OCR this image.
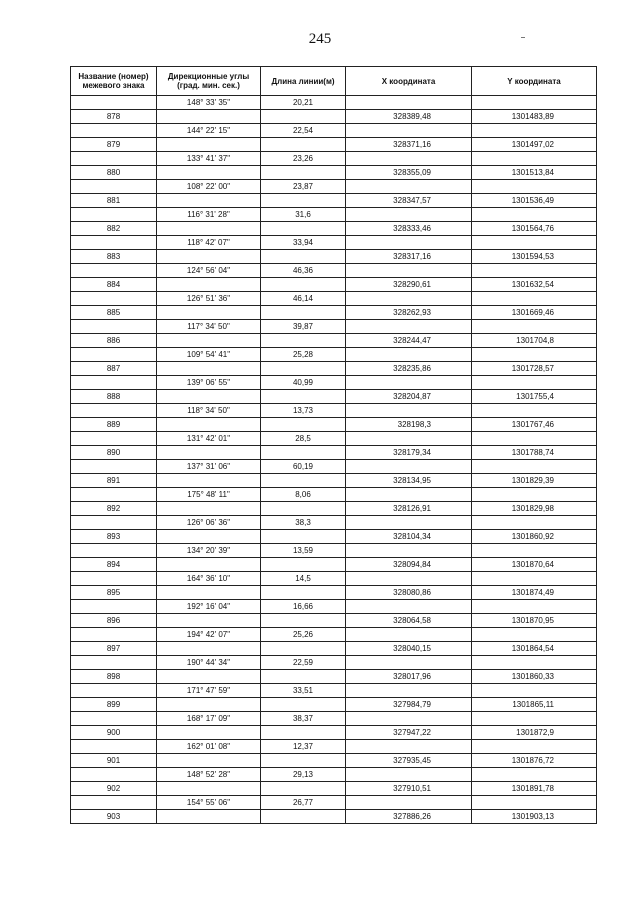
245
Название (номер) межевого знака	Дирекционные углы (град. мин. сек.)	Длина линии(м)	X координата	Y координата
	148° 33' 35"	20,21		
878			328389,48	1301483,89
	144° 22' 15"	22,54		
879			328371,16	1301497,02
	133° 41' 37"	23,26		
880			328355,09	1301513,84
	108° 22' 00"	23,87		
881			328347,57	1301536,49
	116° 31' 28"	31,6		
882			328333,46	1301564,76
	118° 42' 07"	33,94		
883			328317,16	1301594,53
	124° 56' 04"	46,36		
884			328290,61	1301632,54
	126° 51' 36"	46,14		
885			328262,93	1301669,46
	117° 34' 50"	39,87		
886			328244,47	1301704,8
	109° 54' 41"	25,28		
887			328235,86	1301728,57
	139° 06' 55"	40,99		
888			328204,87	1301755,4
	118° 34' 50"	13,73		
889			328198,3	1301767,46
	131° 42' 01"	28,5		
890			328179,34	1301788,74
	137° 31' 06"	60,19		
891			328134,95	1301829,39
	175° 48' 11"	8,06		
892			328126,91	1301829,98
	126° 06' 36"	38,3		
893			328104,34	1301860,92
	134° 20' 39"	13,59		
894			328094,84	1301870,64
	164° 36' 10"	14,5		
895			328080,86	1301874,49
	192° 16' 04"	16,66		
896			328064,58	1301870,95
	194° 42' 07"	25,26		
897			328040,15	1301864,54
	190° 44' 34"	22,59		
898			328017,96	1301860,33
	171° 47' 59"	33,51		
899			327984,79	1301865,11
	168° 17' 09"	38,37		
900			327947,22	1301872,9
	162° 01' 08"	12,37		
901			327935,45	1301876,72
	148° 52' 28"	29,13		
902			327910,51	1301891,78
	154° 55' 06"	26,77		
903			327886,26	1301903,13
